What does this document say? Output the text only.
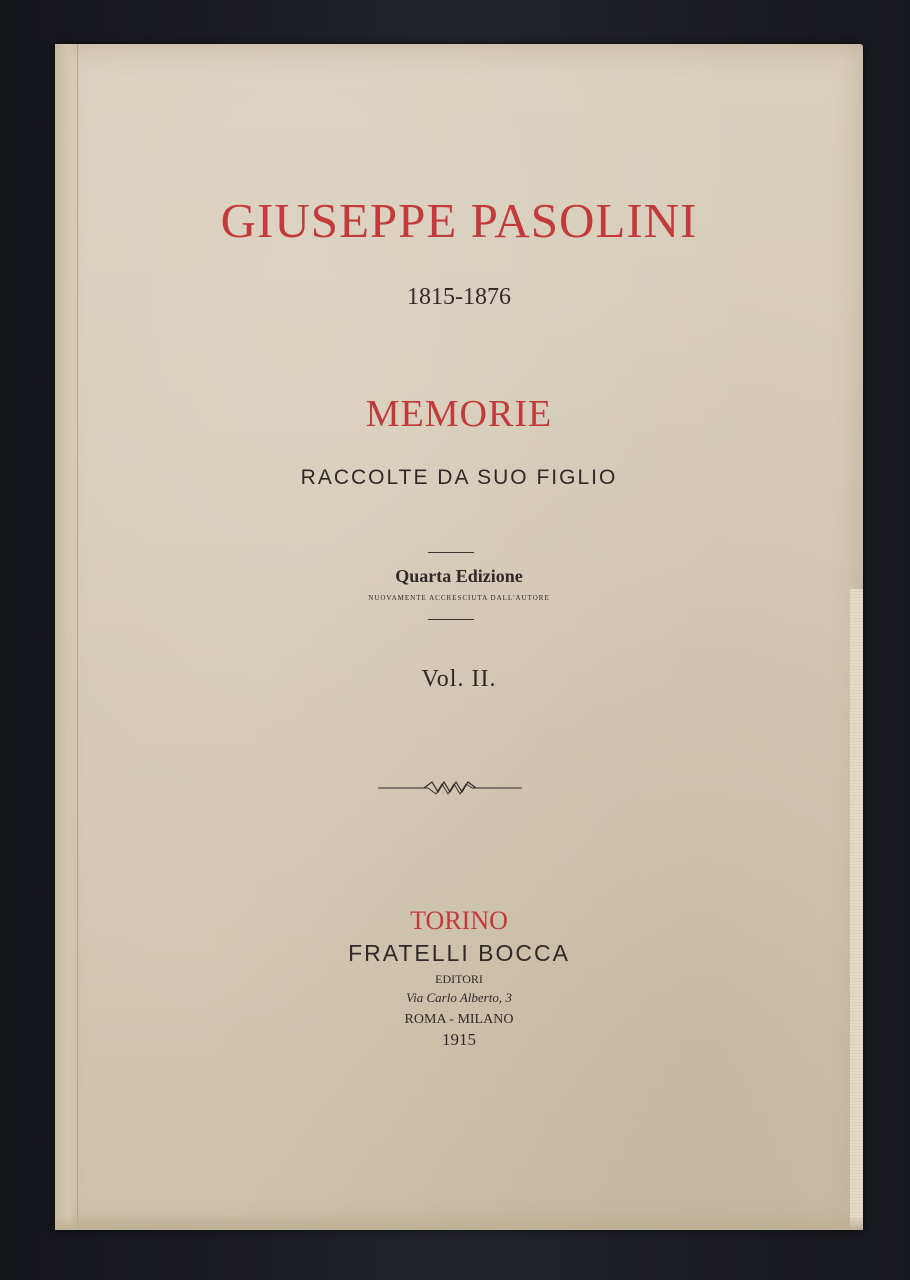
GIUSEPPE PASOLINI
1815-1876
MEMORIE
RACCOLTE DA SUO FIGLIO
Quarta Edizione
NUOVAMENTE ACCRESCIUTA DALL'AUTORE
Vol. II.
TORINO
FRATELLI BOCCA
EDITORI
Via Carlo Alberto, 3
ROMA - MILANO
1915
